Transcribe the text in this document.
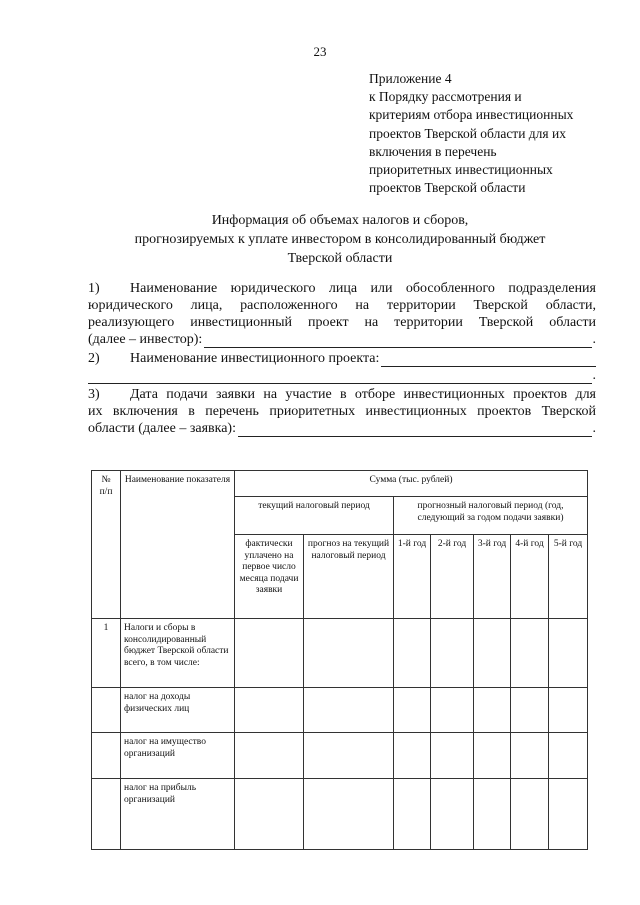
23
Приложение 4
к Порядку рассмотрения и
критериям отбора инвестиционных
проектов Тверской области для их
включения в перечень
приоритетных инвестиционных
проектов Тверской области
Информация об объемах налогов и сборов,
прогнозируемых к уплате инвестором в консолидированный бюджет
Тверской области
1) Наименование юридического лица или обособленного подразделения
юридического лица, расположенного на территории Тверской области,
реализующего инвестиционный проект на территории Тверской области
(далее – инвестор):	.
2)	Наименование инвестиционного проекта:
.
3) Дата подачи заявки на участие в отборе инвестиционных проектов для
их включения в перечень приоритетных инвестиционных проектов Тверской
области (далее – заявка):	.
№
п/п	Наименование показателя	Сумма (тыс. рублей)						
		текущий налоговый период		прогнозный налоговый период (год, следующий за годом подачи заявки)				
		фактически уплачено на первое число месяца подачи заявки	прогноз на текущий налоговый период	1-й год	2-й год	3-й год	4-й год	5-й год
1	Налоги и сборы в консолидированный бюджет Тверской области всего, в том числе:							
	налог на доходы физических лиц							
	налог на имущество организаций							
	налог на прибыль организаций							
